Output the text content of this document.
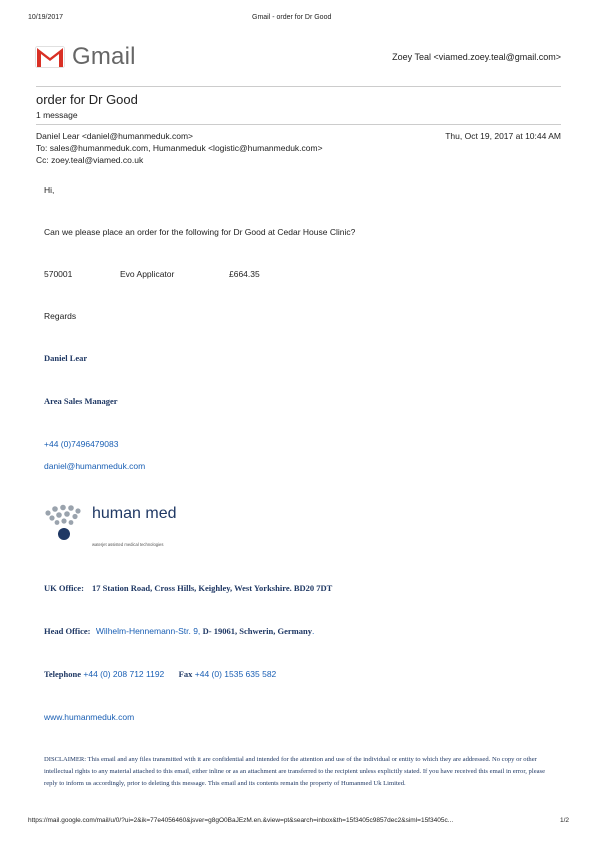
10/19/2017	Gmail - order for Dr Good
Gmail	Zoey Teal <viamed.zoey.teal@gmail.com>
order for Dr Good
1 message
Daniel Lear <daniel@humanmeduk.com>	Thu, Oct 19, 2017 at 10:44 AM
To: sales@humanmeduk.com, Humanmeduk <logistic@humanmeduk.com>
Cc: zoey.teal@viamed.co.uk
Hi,
Can we please place an order for the following for Dr Good at Cedar House Clinic?
570001	Evo Applicator	£664.35
Regards
Daniel Lear
Area Sales Manager
+44 (0)7496479083
daniel@humanmeduk.com
human med
waterjet assisted medical technologies
UK Office: 17 Station Road, Cross Hills, Keighley, West Yorkshire. BD20 7DT
Head Office: Wilhelm-Hennemann-Str. 9, D- 19061, Schwerin, Germany.
Telephone +44 (0) 208 712 1192 Fax +44 (0) 1535 635 582
www.humanmeduk.com
DISCLAIMER: This email and any files transmitted with it are confidential and intended for the attention and use of the individual or entity to which they are addressed. No copy or other intellectual rights to any material attached to this email, either inline or as an attachment are transferred to the recipient unless explicitly stated. If you have received this email in error, please reply to inform us accordingly, prior to deleting this message. This email and its contents remain the property of Humanmed Uk Limited.
https://mail.google.com/mail/u/0/?ui=2&ik=77e4056460&jsver=g8gO0BaJEzM.en.&view=pt&search=inbox&th=15f3405c9857dec2&siml=15f3405c...	1/2
